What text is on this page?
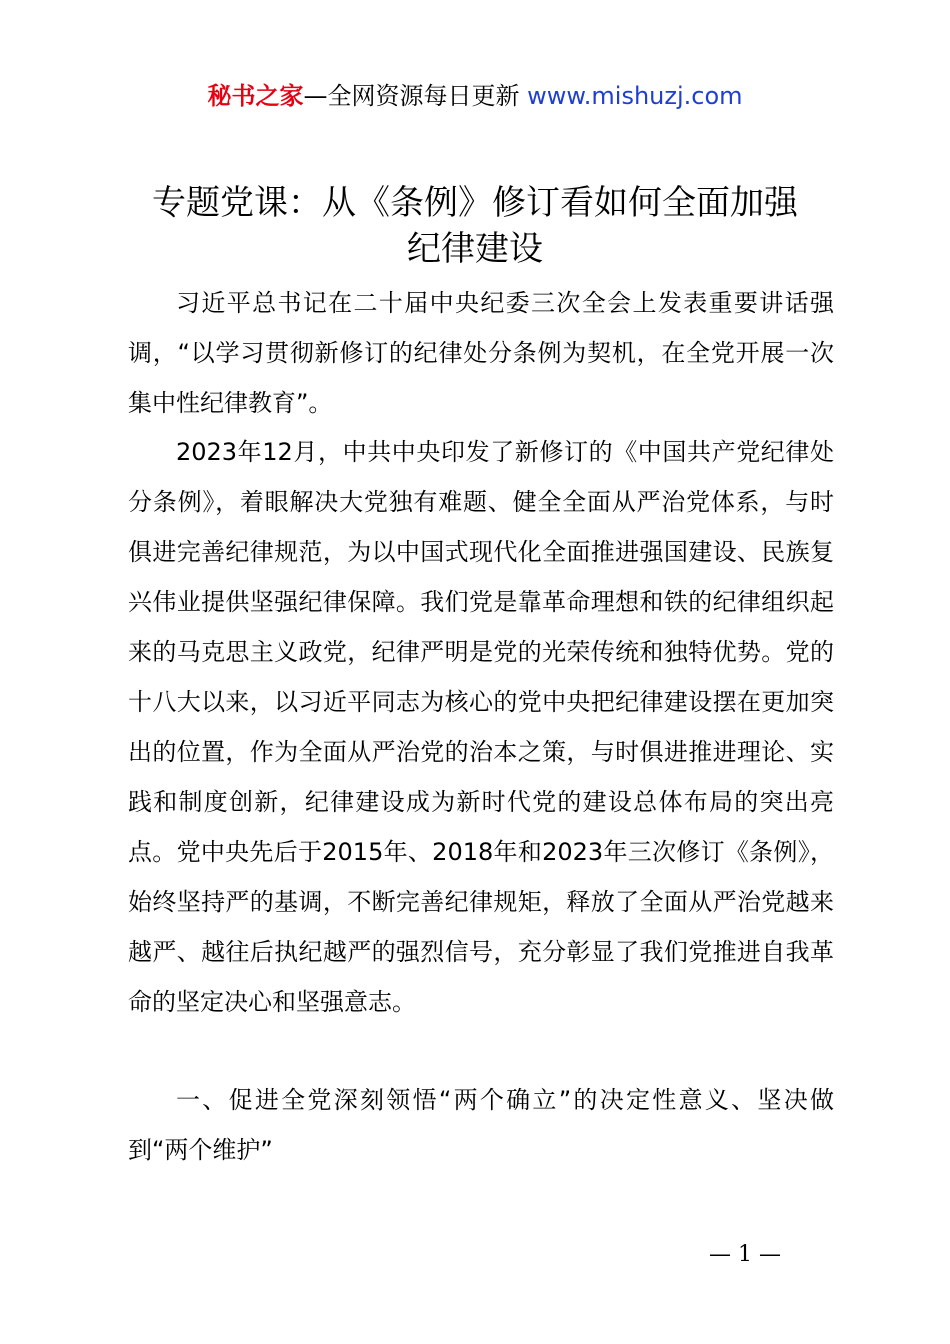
秘书之家—全网资源每日更新 www.mishuzj.com
专题党课：从《条例》修订看如何全面加强
纪律建设

习近平总书记在二十届中央纪委三次全会上发表重要讲话强调，“以学习贯彻新修订的纪律处分条例为契机，在全党开展一次集中性纪律教育”。

2023年12月，中共中央印发了新修订的《中国共产党纪律处分条例》，着眼解决大党独有难题、健全全面从严治党体系，与时俱进完善纪律规范，为以中国式现代化全面推进强国建设、民族复兴伟业提供坚强纪律保障。我们党是靠革命理想和铁的纪律组织起来的马克思主义政党，纪律严明是党的光荣传统和独特优势。党的十八大以来，以习近平同志为核心的党中央把纪律建设摆在更加突出的位置，作为全面从严治党的治本之策，与时俱进推进理论、实践和制度创新，纪律建设成为新时代党的建设总体布局的突出亮点。党中央先后于2015年、2018年和2023年三次修订《条例》，始终坚持严的基调，不断完善纪律规矩，释放了全面从严治党越来越严、越往后执纪越严的强烈信号，充分彰显了我们党推进自我革命的坚定决心和坚强意志。

一、促进全党深刻领悟“两个确立”的决定性意义、坚决做到“两个维护”

— 1 —
